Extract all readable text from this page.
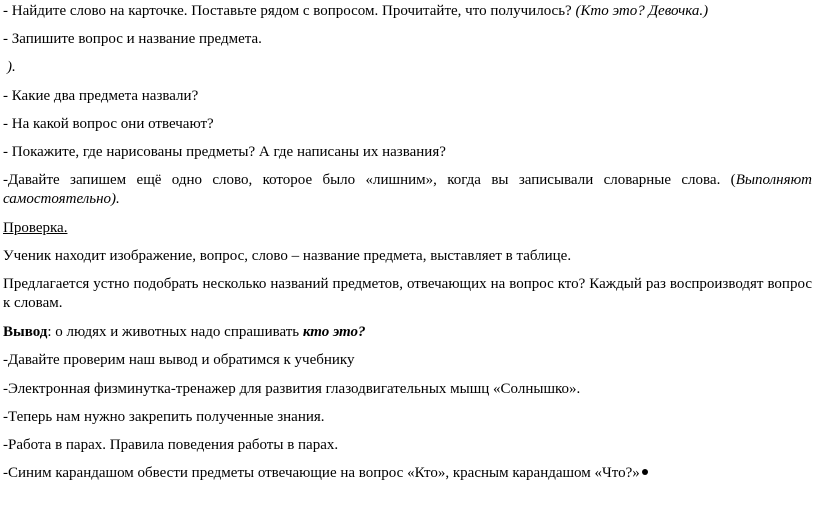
- Найдите слово на карточке. Поставьте рядом с вопросом. Прочитайте, что получилось? (Кто это? Девочка.)
- Запишите вопрос и название предмета.
).
- Какие два предмета назвали?
- На какой вопрос они отвечают?
- Покажите, где нарисованы предметы? А где написаны их названия?
-Давайте запишем ещё одно слово, которое было «лишним», когда вы записывали словарные слова. (Выполняют самостоятельно).
Проверка.
Ученик находит изображение, вопрос, слово – название предмета, выставляет в таблице.
Предлагается устно подобрать несколько названий предметов, отвечающих на вопрос кто? Каждый раз воспроизводят вопрос к словам.
Вывод: о людях и животных надо спрашивать кто это?
-Давайте проверим наш вывод и обратимся к учебнику
-Электронная физминутка-тренажер для развития глазодвигательных мышц «Солнышко».
-Теперь нам нужно закрепить полученные знания.
-Работа в парах. Правила поведения работы в парах.
-Синим карандашом обвести предметы отвечающие на вопрос «Кто», красным карандашом «Что?»
